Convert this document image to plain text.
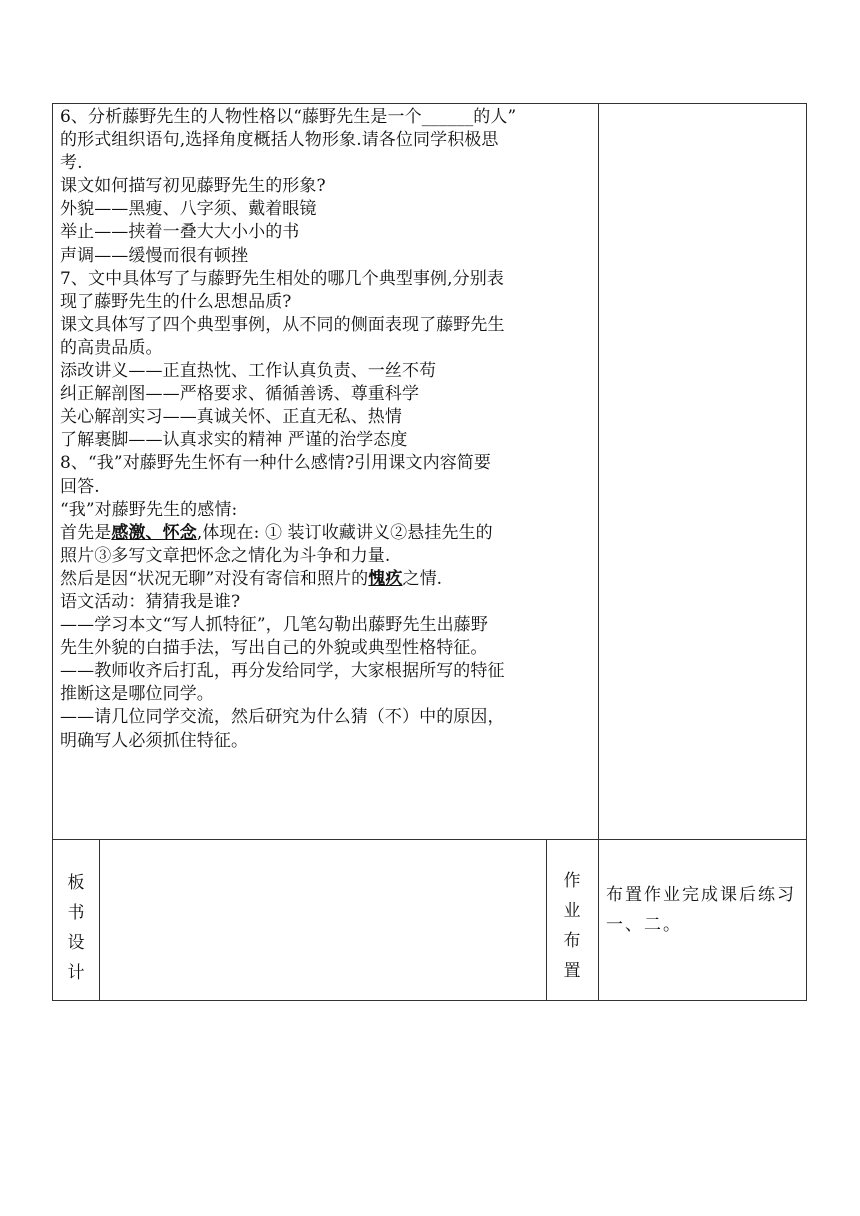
6、分析藤野先生的人物性格以“藤野先生是一个______的人”
的形式组织语句,选择角度概括人物形象.请各位同学积极思
考.
课文如何描写初见藤野先生的形象?
外貌——黑瘦、八字须、戴着眼镜
举止——挟着一叠大大小小的书
声调——缓慢而很有顿挫
7、文中具体写了与藤野先生相处的哪几个典型事例,分别表
现了藤野先生的什么思想品质?
课文具体写了四个典型事例，从不同的侧面表现了藤野先生
的高贵品质。
添改讲义——正直热忱、工作认真负责、一丝不苟
纠正解剖图——严格要求、循循善诱、尊重科学
关心解剖实习——真诚关怀、正直无私、热情
了解裹脚——认真求实的精神 严谨的治学态度
8、“我”对藤野先生怀有一种什么感情?引用课文内容简要
回答.
“我”对藤野先生的感情:
首先是感激、怀念,体现在: ① 装订收藏讲义②悬挂先生的
照片③多写文章把怀念之情化为斗争和力量.
然后是因“状况无聊”对没有寄信和照片的愧疚之情.
语文活动：猜猜我是谁?
——学习本文“写人抓特征”，几笔勾勒出藤野先生出藤野
先生外貌的白描手法，写出自己的外貌或典型性格特征。
——教师收齐后打乱，再分发给同学，大家根据所写的特征
推断这是哪位同学。
——请几位同学交流，然后研究为什么猜（不）中的原因，
明确写人必须抓住特征。
板
书
设
计
作
业
布
置
布置作业完成课后练习一、二。
